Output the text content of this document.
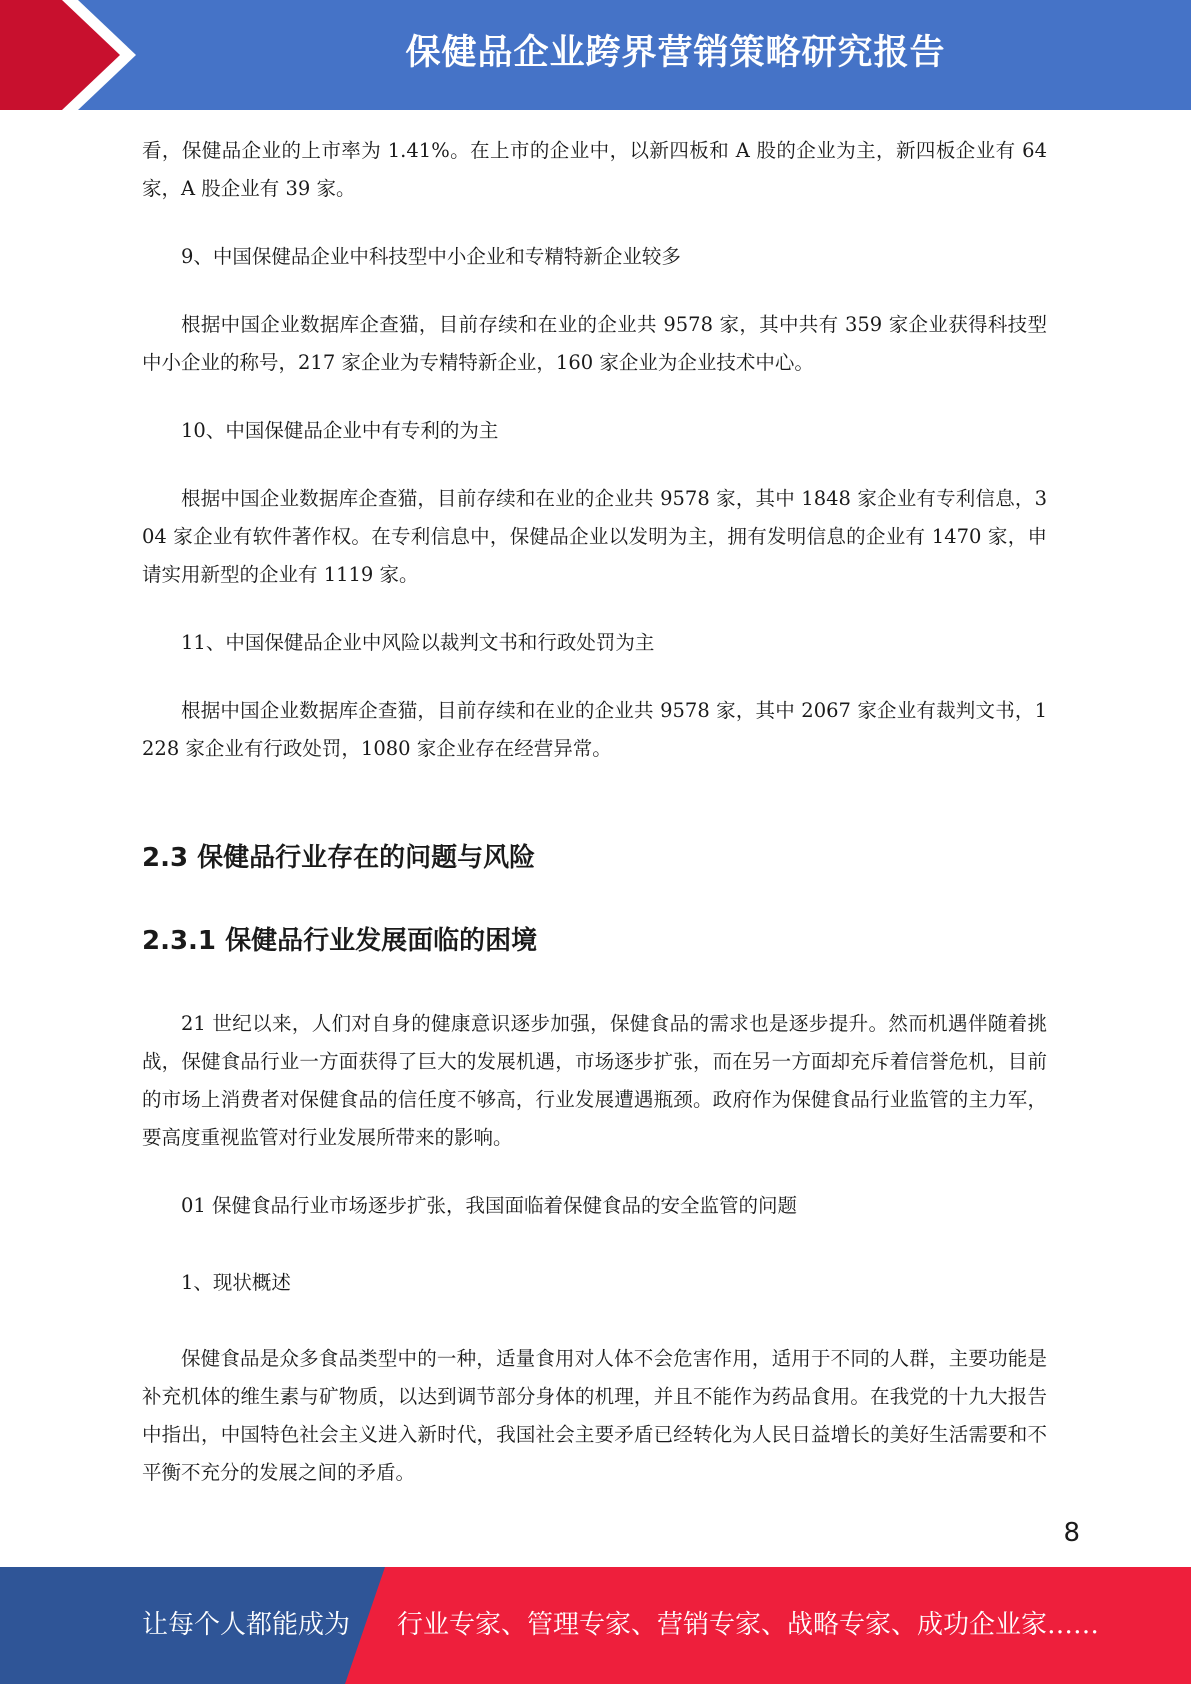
保健品企业跨界营销策略研究报告

看，保健品企业的上市率为 1.41%。在上市的企业中，以新四板和 A 股的企业为主，新四板企业有 64 家，A 股企业有 39 家。

9、中国保健品企业中科技型中小企业和专精特新企业较多

根据中国企业数据库企查猫，目前存续和在业的企业共 9578 家，其中共有 359 家企业获得科技型中小企业的称号，217 家企业为专精特新企业，160 家企业为企业技术中心。

10、中国保健品企业中有专利的为主

根据中国企业数据库企查猫，目前存续和在业的企业共 9578 家，其中 1848 家企业有专利信息，304 家企业有软件著作权。在专利信息中，保健品企业以发明为主，拥有发明信息的企业有 1470 家，申请实用新型的企业有 1119 家。

11、中国保健品企业中风险以裁判文书和行政处罚为主

根据中国企业数据库企查猫，目前存续和在业的企业共 9578 家，其中 2067 家企业有裁判文书，1228 家企业有行政处罚，1080 家企业存在经营异常。

2.3 保健品行业存在的问题与风险
2.3.1 保健品行业发展面临的困境

21 世纪以来，人们对自身的健康意识逐步加强，保健食品的需求也是逐步提升。然而机遇伴随着挑战，保健食品行业一方面获得了巨大的发展机遇，市场逐步扩张，而在另一方面却充斥着信誉危机，目前的市场上消费者对保健食品的信任度不够高，行业发展遭遇瓶颈。政府作为保健食品行业监管的主力军，要高度重视监管对行业发展所带来的影响。

01 保健食品行业市场逐步扩张，我国面临着保健食品的安全监管的问题

1、现状概述

保健食品是众多食品类型中的一种，适量食用对人体不会危害作用，适用于不同的人群，主要功能是补充机体的维生素与矿物质，以达到调节部分身体的机理，并且不能作为药品食用。在我党的十九大报告中指出，中国特色社会主义进入新时代，我国社会主要矛盾已经转化为人民日益增长的美好生活需要和不平衡不充分的发展之间的矛盾。

8
让每个人都能成为 行业专家、管理专家、营销专家、战略专家、成功企业家……
